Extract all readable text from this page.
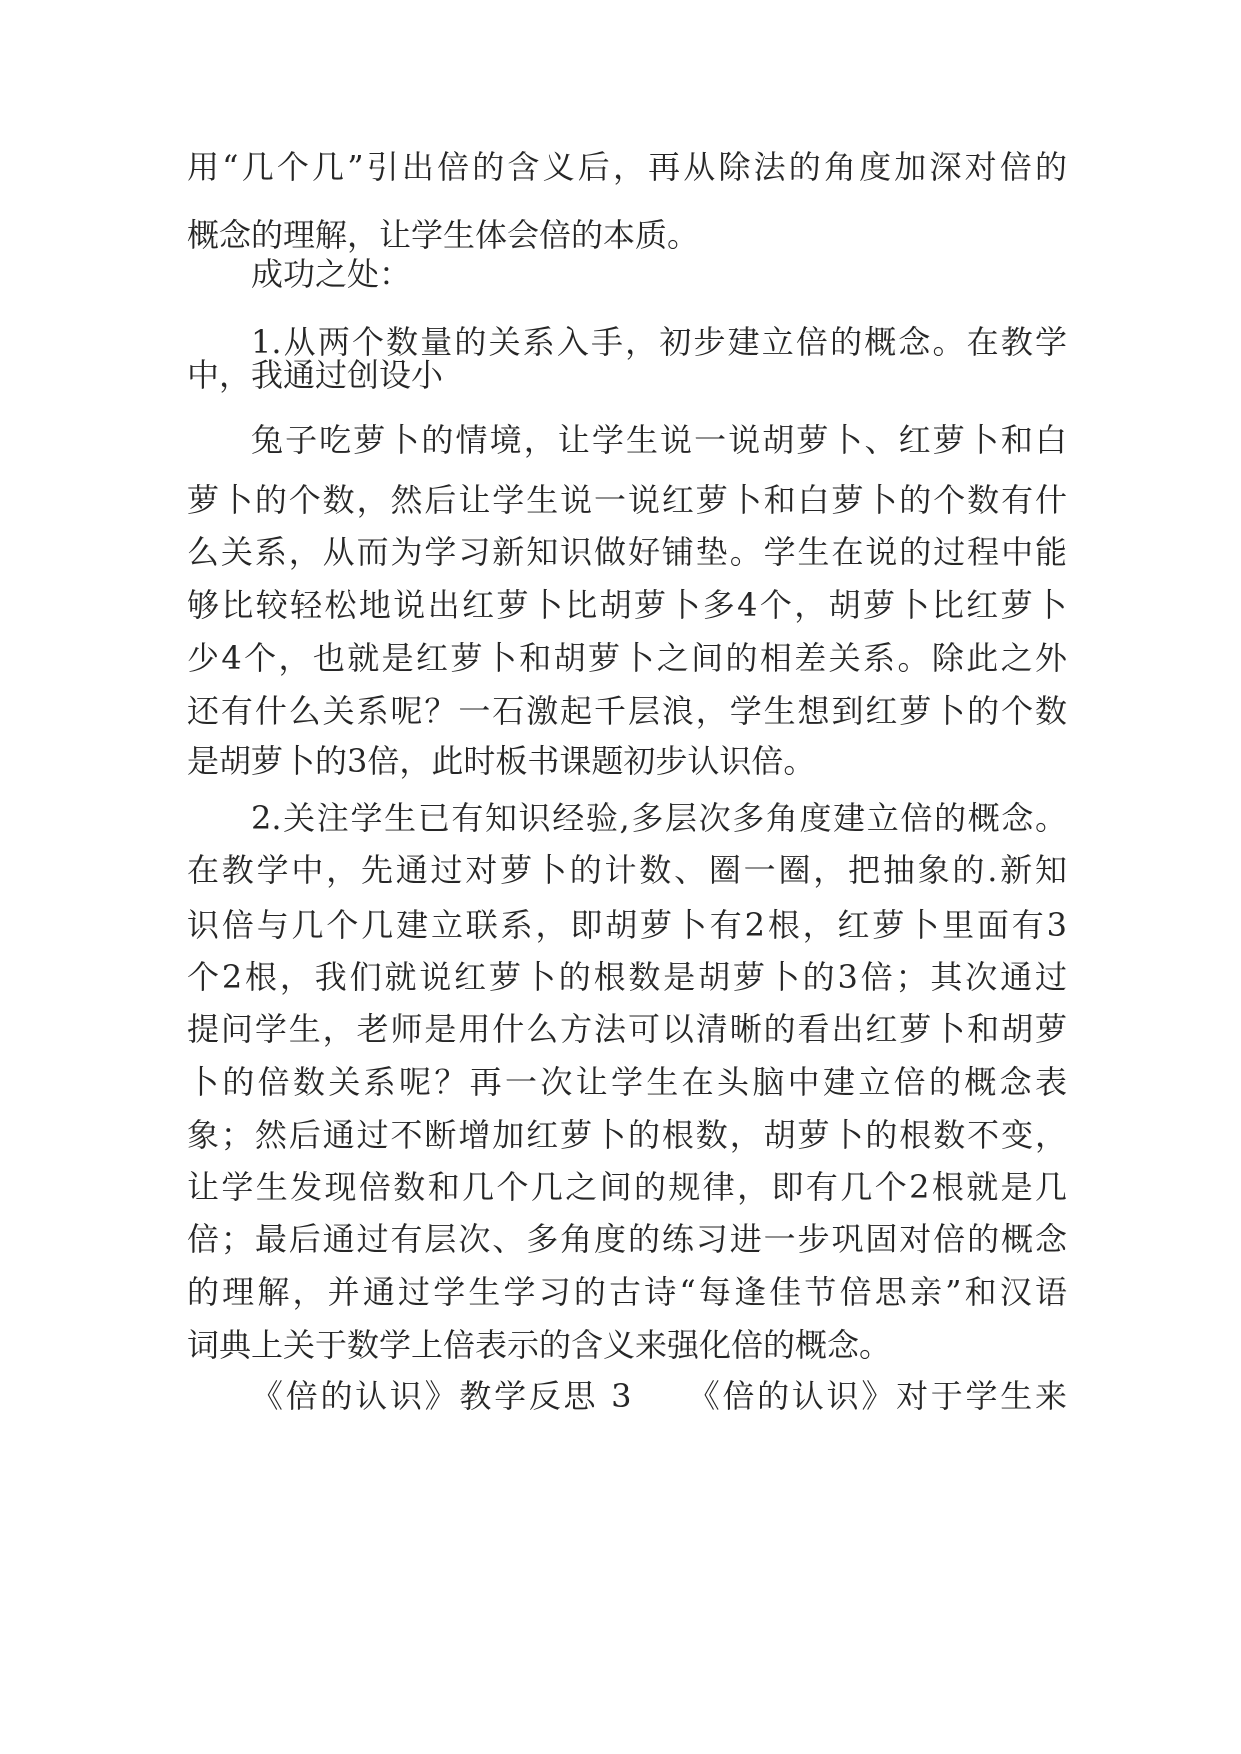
用“几个几”引出倍的含义后，再从除法的角度加深对倍的
概念的理解，让学生体会倍的本质。
成功之处：
1.从两个数量的关系入手，初步建立倍的概念。在教学
中，我通过创设小
兔子吃萝卜的情境，让学生说一说胡萝卜、红萝卜和白
萝卜的个数，然后让学生说一说红萝卜和白萝卜的个数有什
么关系，从而为学习新知识做好铺垫。学生在说的过程中能
够比较轻松地说出红萝卜比胡萝卜多4个，胡萝卜比红萝卜
少4个，也就是红萝卜和胡萝卜之间的相差关系。除此之外
还有什么关系呢？一石激起千层浪，学生想到红萝卜的个数
是胡萝卜的3倍，此时板书课题初步认识倍。
2.关注学生已有知识经验,多层次多角度建立倍的概念。
在教学中，先通过对萝卜的计数、圈一圈，把抽象的.新知
识倍与几个几建立联系，即胡萝卜有2根，红萝卜里面有3
个2根，我们就说红萝卜的根数是胡萝卜的3倍；其次通过
提问学生，老师是用什么方法可以清晰的看出红萝卜和胡萝
卜的倍数关系呢？再一次让学生在头脑中建立倍的概念表
象；然后通过不断增加红萝卜的根数，胡萝卜的根数不变，
让学生发现倍数和几个几之间的规律，即有几个2根就是几
倍；最后通过有层次、多角度的练习进一步巩固对倍的概念
的理解，并通过学生学习的古诗“每逢佳节倍思亲”和汉语
词典上关于数学上倍表示的含义来强化倍的概念。
《倍的认识》教学反思 3　　《倍的认识》对于学生来
